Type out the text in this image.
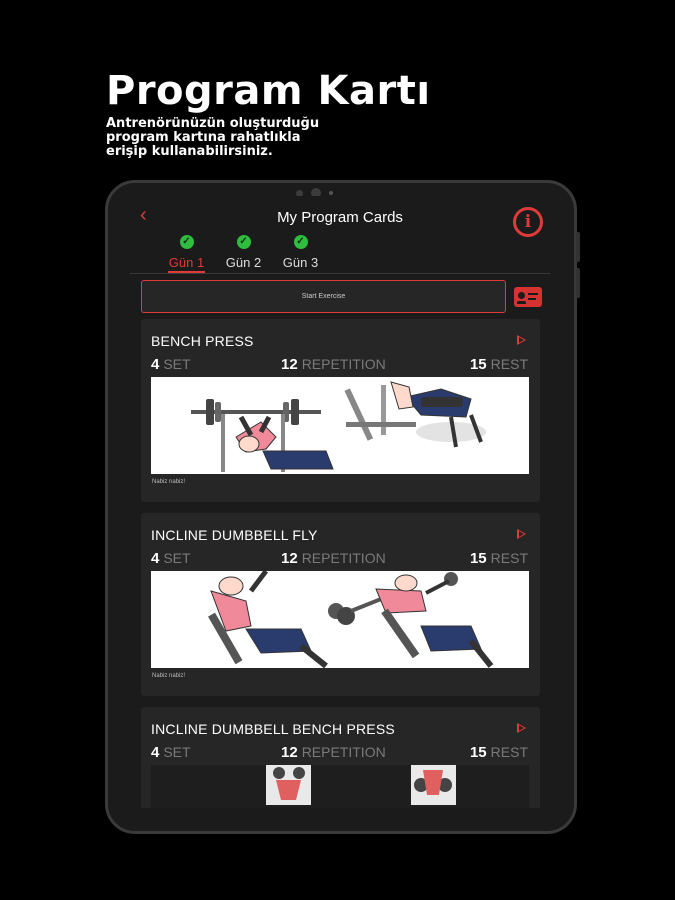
Program Kartı
Antrenörünüzün oluşturduğu program kartına rahatlıkla erişip kullanabilirsiniz.
‹	My Program Cards	i
✓
Gün 1
✓
Gün 2
✓
Gün 3
Start Exercise
BENCH PRESS
4 SET	12 REPETITION	15 REST
Nabiz nabiz!
INCLINE DUMBBELL FLY
4 SET	12 REPETITION	15 REST
Nabiz nabiz!
INCLINE DUMBBELL BENCH PRESS
4 SET	12 REPETITION	15 REST
